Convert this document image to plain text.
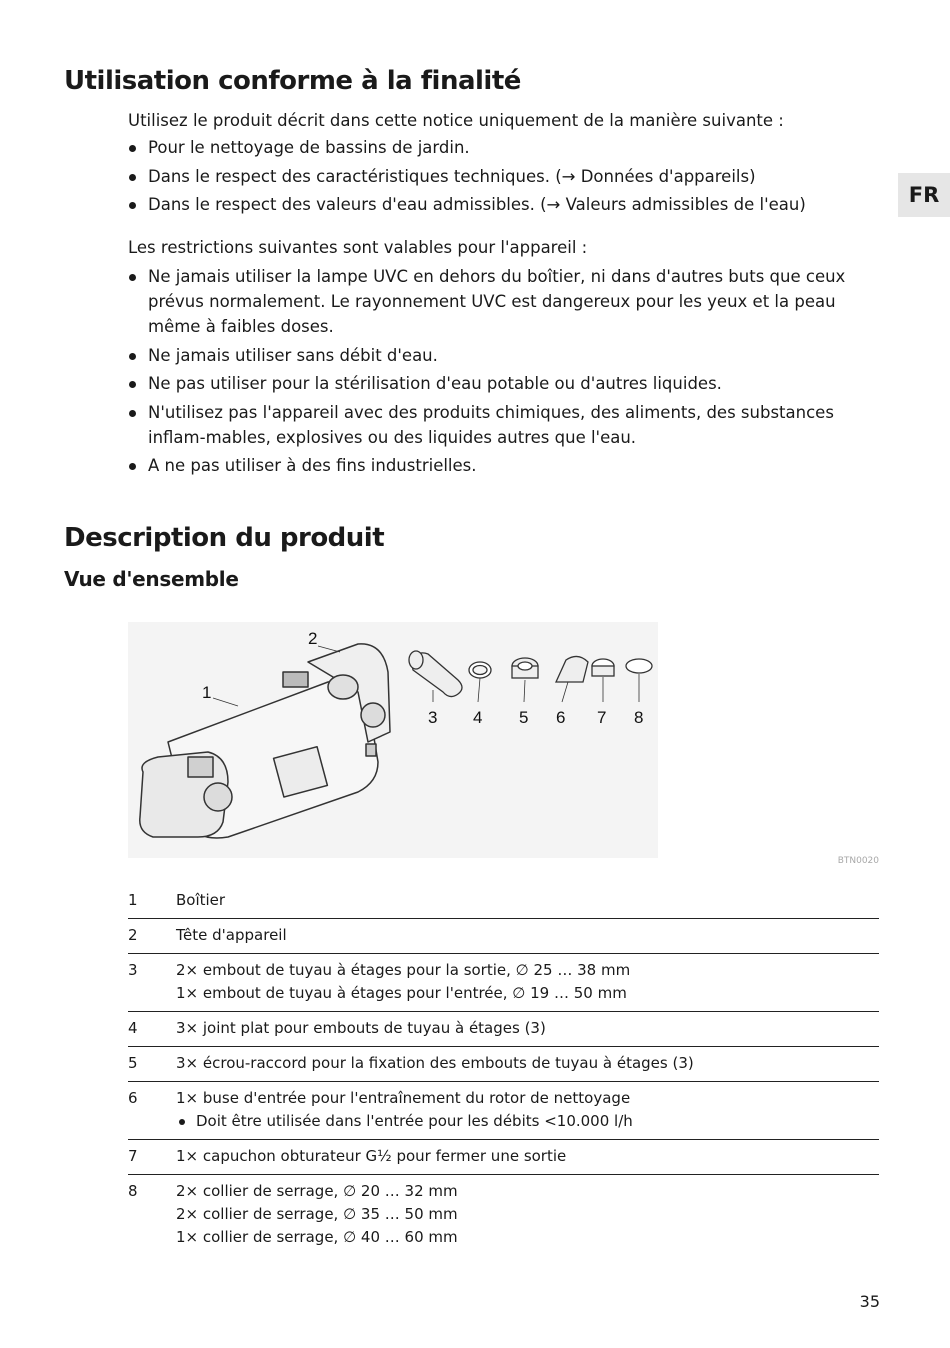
FR
Utilisation conforme à la finalité

Utilisez le produit décrit dans cette notice uniquement de la manière suivante :

Pour le nettoyage de bassins de jardin.
Dans le respect des caractéristiques techniques. (→ Données d'appareils)
Dans le respect des valeurs d'eau admissibles. (→ Valeurs admissibles de l'eau)

Les restrictions suivantes sont valables pour l'appareil :

Ne jamais utiliser la lampe UVC en dehors du boîtier, ni dans d'autres buts que ceux prévus normalement. Le rayonnement UVC est dangereux pour les yeux et la peau même à faibles doses.
Ne jamais utiliser sans débit d'eau.
Ne pas utiliser pour la stérilisation d'eau potable ou d'autres liquides.
N'utilisez pas l'appareil avec des produits chimiques, des aliments, des substances inflam-mables, explosives ou des liquides autres que l'eau.
A ne pas utiliser à des fins industrielles.
Description du produit
Vue d'ensemble
1
2
3 4 5 6 7 8
BTN0020
1	Boîtier

2	Tête d'appareil

3	2× embout de tuyau à étages pour la sortie, ∅ 25 … 38 mm
1× embout de tuyau à étages pour l'entrée, ∅ 19 … 50 mm

4	3× joint plat pour embouts de tuyau à étages (3)

5	3× écrou-raccord pour la fixation des embouts de tuyau à étages (3)

6	1× buse d'entrée pour l'entraînement du rotor de nettoyage
Doit être utilisée dans l'entrée pour les débits <10.000 l/h

7	1× capuchon obturateur G½ pour fermer une sortie

8	2× collier de serrage, ∅ 20 … 32 mm
2× collier de serrage, ∅ 35 … 50 mm
1× collier de serrage, ∅ 40 … 60 mm
35
